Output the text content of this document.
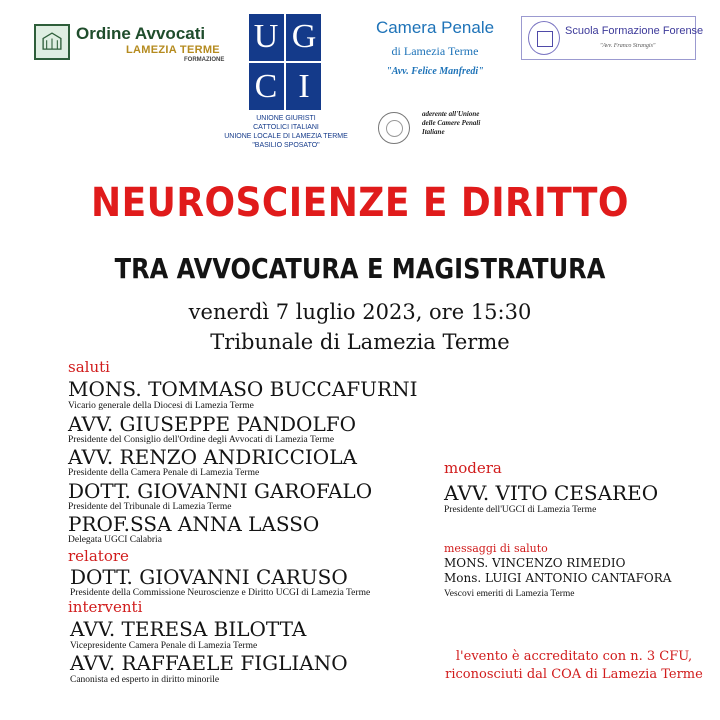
Ordine Avvocati
LAMEZIA TERME
FORMAZIONE
U G
C I
UNIONE GIURISTI
CATTOLICI ITALIANI
UNIONE LOCALE DI LAMEZIA TERME
"BASILIO SPOSATO"
Camera Penale
di Lamezia Terme
"Avv. Felice Manfredi"
aderente all'Unione
delle Camere Penali
Italiane
Scuola Formazione Forense
"Avv. Franco Strangis"
NEUROSCIENZE E DIRITTO
TRA AVVOCATURA E MAGISTRATURA
venerdì 7 luglio 2023, ore 15:30
Tribunale di Lamezia Terme
saluti
MONS. TOMMASO BUCCAFURNI
Vicario generale della Diocesi di Lamezia Terme
AVV. GIUSEPPE PANDOLFO
Presidente del Consiglio dell'Ordine degli Avvocati di Lamezia Terme
AVV. RENZO ANDRICCIOLA
Presidente della Camera Penale di Lamezia Terme
DOTT. GIOVANNI GAROFALO
Presidente del Tribunale di Lamezia Terme
PROF.SSA ANNA LASSO
Delegata UGCI Calabria
relatore
DOTT. GIOVANNI CARUSO
Presidente della Commissione Neuroscienze e Diritto UCGI di Lamezia Terme
interventi
AVV. TERESA BILOTTA
Vicepresidente Camera Penale di Lamezia Terme
AVV. RAFFAELE FIGLIANO
Canonista ed esperto in diritto minorile
modera
AVV. VITO CESAREO
Presidente dell'UGCI di Lamezia Terme
messaggi di saluto
MONS. VINCENZO RIMEDIO
Mons. LUIGI ANTONIO CANTAFORA
Vescovi emeriti di Lamezia Terme
l'evento è accreditato con n. 3 CFU,
riconosciuti dal COA di Lamezia Terme
